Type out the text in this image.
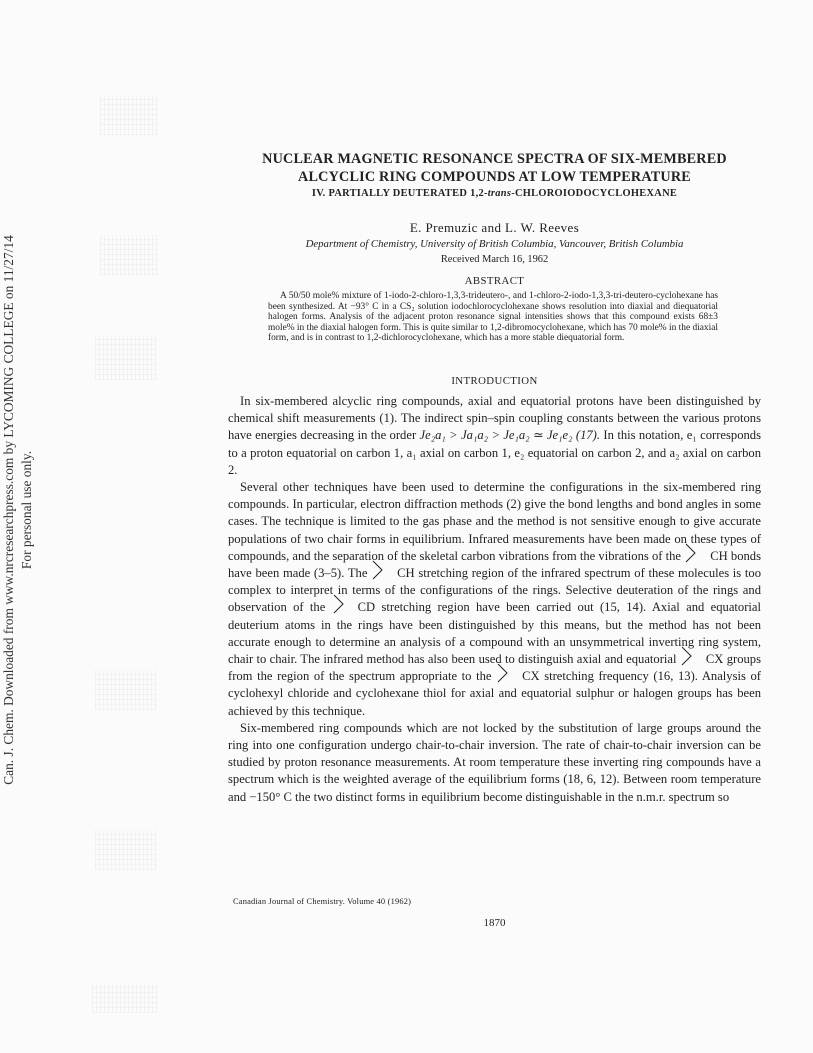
Can. J. Chem. Downloaded from www.nrcresearchpress.com by LYCOMING COLLEGE on 11/27/14 For personal use only.
NUCLEAR MAGNETIC RESONANCE SPECTRA OF SIX-MEMBERED
ALCYCLIC RING COMPOUNDS AT LOW TEMPERATURE
IV. PARTIALLY DEUTERATED 1,2-trans-CHLOROIODOCYCLOHEXANE
E. Premuzic and L. W. Reeves
Department of Chemistry, University of British Columbia, Vancouver, British Columbia
Received March 16, 1962
ABSTRACT
A 50/50 mole% mixture of 1-iodo-2-chloro-1,3,3-trideutero-, and 1-chloro-2-iodo-1,3,3-tri-deutero-cyclohexane has been synthesized. At −93° C in a CS₂ solution iodochlorocyclohexane shows resolution into diaxial and diequatorial halogen forms. Analysis of the adjacent proton resonance signal intensities shows that this compound exists 68±3 mole% in the diaxial halogen form. This is quite similar to 1,2-dibromocyclohexane, which has 70 mole% in the diaxial form, and is in contrast to 1,2-dichlorocyclohexane, which has a more stable diequatorial form.
INTRODUCTION

In six-membered alcyclic ring compounds, axial and equatorial protons have been distinguished by chemical shift measurements (1). The indirect spin–spin coupling constants between the various protons have energies decreasing in the order Je₂a₁ > Ja₁a₂ > Je₁a₂ ≃ Je₁e₂ (17). In this notation, e₁ corresponds to a proton equatorial on carbon 1, a₁ axial on carbon 1, e₂ equatorial on carbon 2, and a₂ axial on carbon 2.

Several other techniques have been used to determine the configurations in the six-membered ring compounds. In particular, electron diffraction methods (2) give the bond lengths and bond angles in some cases. The technique is limited to the gas phase and the method is not sensitive enough to give accurate populations of two chair forms in equilibrium. Infrared measurements have been made on these types of compounds, and the separation of the skeletal carbon vibrations from the vibrations of the
CH bonds have been made (3–5). The
CH stretching region of the infrared spectrum of these molecules is too complex to interpret in terms of the configurations of the rings. Selective deuteration of the rings and observation of the
CD stretching region have been carried out (15, 14). Axial and equatorial deuterium atoms in the rings have been distinguished by this means, but the method has not been accurate enough to determine an analysis of a compound with an unsymmetrical inverting ring system, chair to chair. The infrared method has also been used to distinguish axial and equatorial
CX groups from the region of the spectrum appropriate to the
CX stretching frequency (16, 13). Analysis of cyclohexyl chloride and cyclohexane thiol for axial and equatorial sulphur or halogen groups has been achieved by this technique.

Six-membered ring compounds which are not locked by the substitution of large groups around the ring into one configuration undergo chair-to-chair inversion. The rate of chair-to-chair inversion can be studied by proton resonance measurements. At room temperature these inverting ring compounds have a spectrum which is the weighted average of the equilibrium forms (18, 6, 12). Between room temperature and −150° C the two distinct forms in equilibrium become distinguishable in the n.m.r. spectrum so

Canadian Journal of Chemistry. Volume 40 (1962)
1870
